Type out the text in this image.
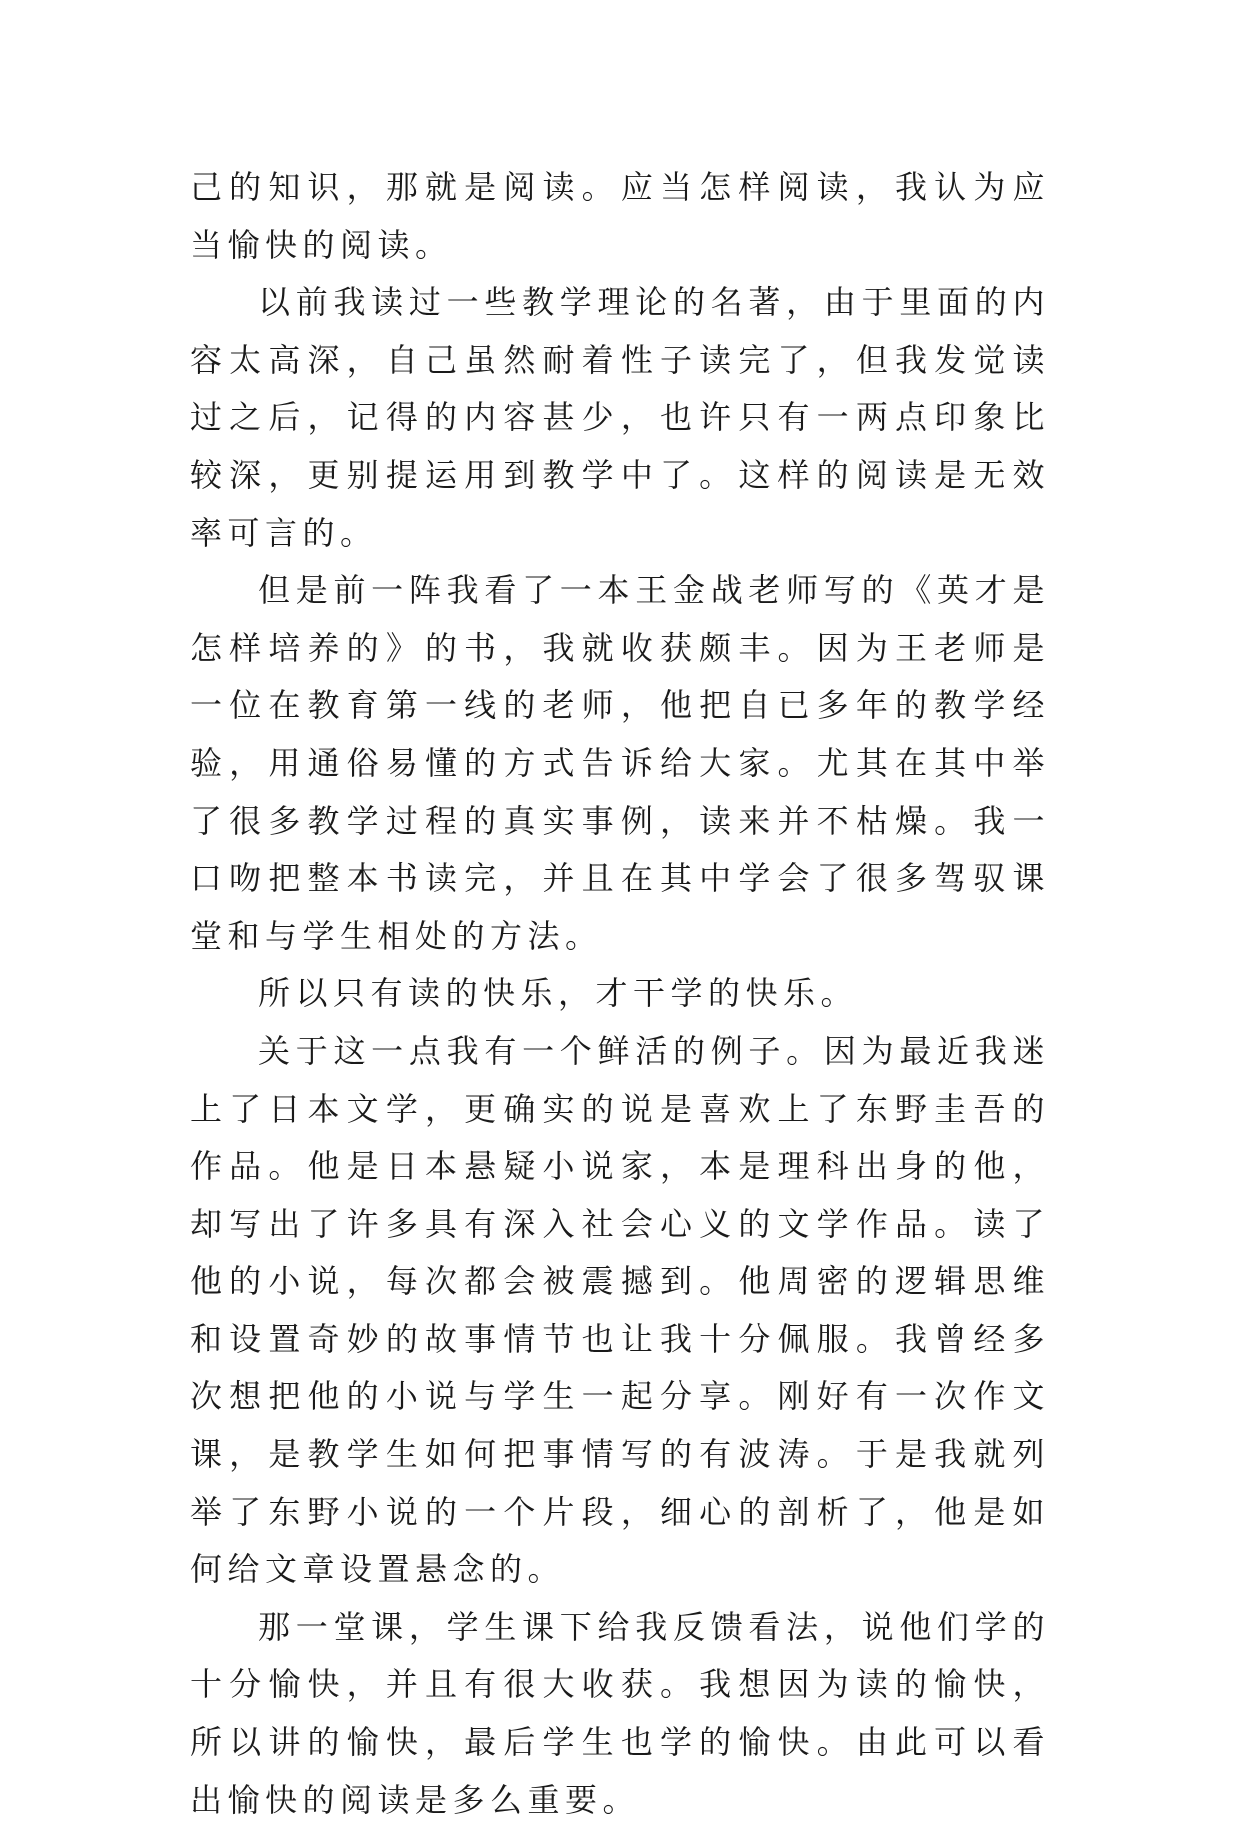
己的知识，那就是阅读。应当怎样阅读，我认为应当愉快的阅读。

以前我读过一些教学理论的名著，由于里面的内容太高深，自己虽然耐着性子读完了，但我发觉读过之后，记得的内容甚少，也许只有一两点印象比较深，更别提运用到教学中了。这样的阅读是无效率可言的。

但是前一阵我看了一本王金战老师写的《英才是怎样培养的》的书，我就收获颇丰。因为王老师是一位在教育第一线的老师，他把自已多年的教学经验，用通俗易懂的方式告诉给大家。尤其在其中举了很多教学过程的真实事例，读来并不枯燥。我一口吻把整本书读完，并且在其中学会了很多驾驭课堂和与学生相处的方法。

所以只有读的快乐，才干学的快乐。

关于这一点我有一个鲜活的例子。因为最近我迷上了日本文学，更确实的说是喜欢上了东野圭吾的作品。他是日本悬疑小说家，本是理科出身的他，却写出了许多具有深入社会心义的文学作品。读了他的小说，每次都会被震撼到。他周密的逻辑思维和设置奇妙的故事情节也让我十分佩服。我曾经多次想把他的小说与学生一起分享。刚好有一次作文课，是教学生如何把事情写的有波涛。于是我就列举了东野小说的一个片段，细心的剖析了，他是如何给文章设置悬念的。

那一堂课，学生课下给我反馈看法，说他们学的十分愉快，并且有很大收获。我想因为读的愉快，所以讲的愉快，最后学生也学的愉快。由此可以看出愉快的阅读是多么重要。
